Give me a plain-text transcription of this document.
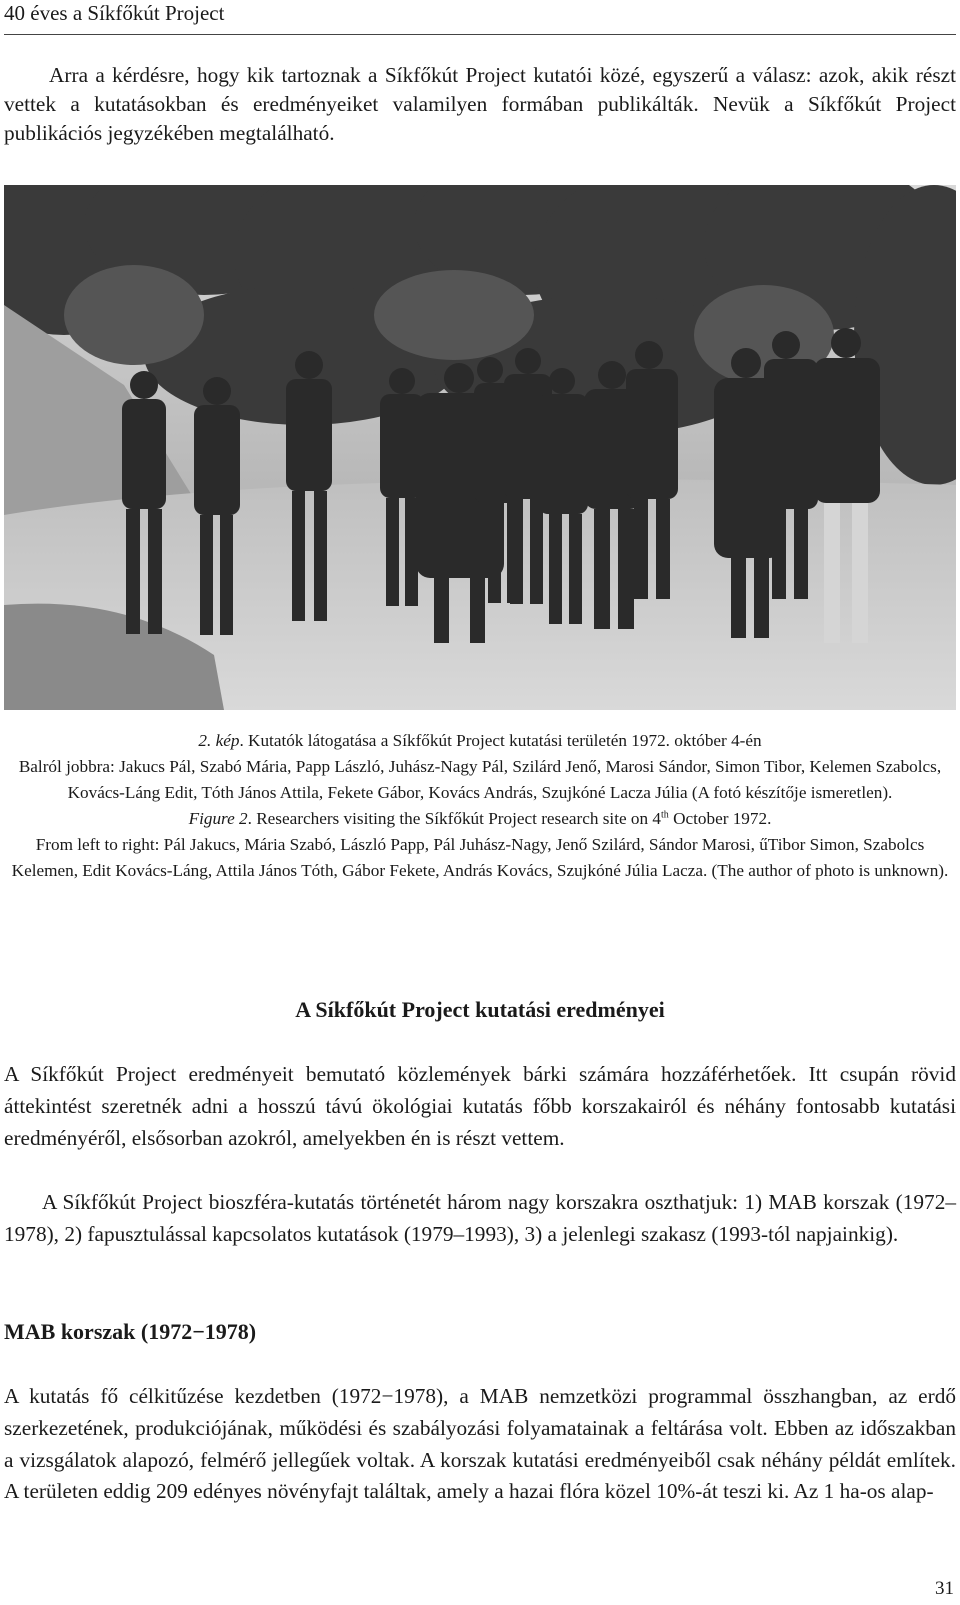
40 éves a Síkfőkút Project

Arra a kérdésre, hogy kik tartoznak a Síkfőkút Project kutatói közé, egyszerű a válasz: azok, akik részt vettek a kutatásokban és eredményeiket valamilyen formában publikálták. Nevük a Síkfőkút Project publikációs jegyzékében megtalálható.

2. kép. Kutatók látogatása a Síkfőkút Project kutatási területén 1972. október 4-én

Balról jobbra: Jakucs Pál, Szabó Mária, Papp László, Juhász-Nagy Pál, Szilárd Jenő, Marosi Sándor, Simon Tibor, Kelemen Szabolcs, Kovács-Láng Edit, Tóth János Attila, Fekete Gábor, Kovács András, Szujkóné Lacza Júlia (A fotó készítője ismeretlen).

Figure 2. Researchers visiting the Síkfőkút Project research site on 4th October 1972.

From left to right: Pál Jakucs, Mária Szabó, László Papp, Pál Juhász-Nagy, Jenő Szilárd, Sándor Marosi, űTibor Simon, Szabolcs Kelemen, Edit Kovács-Láng, Attila János Tóth, Gábor Fekete, András Kovács, Szujkóné Júlia Lacza. (The author of photo is unknown).

A Síkfőkút Project kutatási eredményei

A Síkfőkút Project eredményeit bemutató közlemények bárki számára hozzáférhetőek. Itt csupán rövid áttekintést szeretnék adni a hosszú távú ökológiai kutatás főbb korszakairól és néhány fontosabb kutatási eredményéről, elsősorban azokról, amelyekben én is részt vettem.

A Síkfőkút Project bioszféra-kutatás történetét három nagy korszakra oszthatjuk: 1) MAB korszak (1972–1978), 2) fapusztulással kapcsolatos kutatások (1979–1993), 3) a jelenlegi szakasz (1993-tól napjainkig).

MAB korszak (1972−1978)

A kutatás fő célkitűzése kezdetben (1972−1978), a MAB nemzetközi programmal összhangban, az erdő szerkezetének, produkciójának, működési és szabályozási folyamatainak a feltárása volt. Ebben az időszakban a vizsgálatok alapozó, felmérő jellegűek voltak. A korszak kutatási eredményeiből csak néhány példát említek. A területen eddig 209 edényes növényfajt találtak, amely a hazai flóra közel 10%-át teszi ki. Az 1 ha-os alap-

31
